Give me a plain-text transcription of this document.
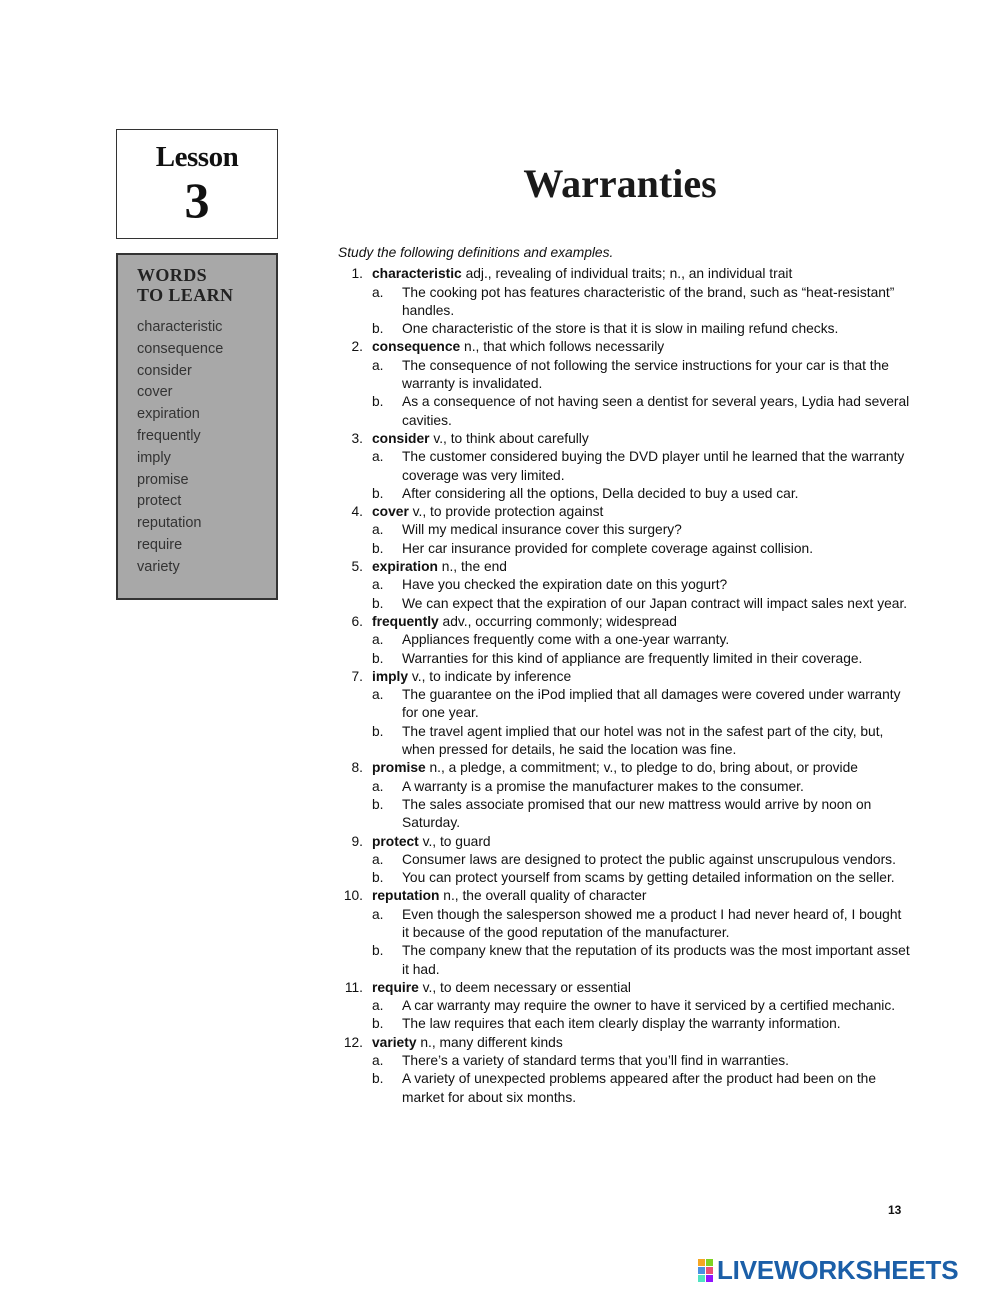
Lesson
3
WORDS
TO LEARN
characteristic
consequence
consider
cover
expiration
frequently
imply
promise
protect
reputation
require
variety
Warranties
Study the following definitions and examples.
1. characteristic adj., revealing of individual traits; n., an individual trait
a. The cooking pot has features characteristic of the brand, such as “heat-resistant” handles.
b. One characteristic of the store is that it is slow in mailing refund checks.
2. consequence n., that which follows necessarily
a. The consequence of not following the service instructions for your car is that the warranty is invalidated.
b. As a consequence of not having seen a dentist for several years, Lydia had several cavities.
3. consider v., to think about carefully
a. The customer considered buying the DVD player until he learned that the warranty coverage was very limited.
b. After considering all the options, Della decided to buy a used car.
4. cover v., to provide protection against
a. Will my medical insurance cover this surgery?
b. Her car insurance provided for complete coverage against collision.
5. expiration n., the end
a. Have you checked the expiration date on this yogurt?
b. We can expect that the expiration of our Japan contract will impact sales next year.
6. frequently adv., occurring commonly; widespread
a. Appliances frequently come with a one-year warranty.
b. Warranties for this kind of appliance are frequently limited in their coverage.
7. imply v., to indicate by inference
a. The guarantee on the iPod implied that all damages were covered under warranty for one year.
b. The travel agent implied that our hotel was not in the safest part of the city, but, when pressed for details, he said the location was fine.
8. promise n., a pledge, a commitment; v., to pledge to do, bring about, or provide
a. A warranty is a promise the manufacturer makes to the consumer.
b. The sales associate promised that our new mattress would arrive by noon on Saturday.
9. protect v., to guard
a. Consumer laws are designed to protect the public against unscrupulous vendors.
b. You can protect yourself from scams by getting detailed information on the seller.
10. reputation n., the overall quality of character
a. Even though the salesperson showed me a product I had never heard of, I bought it because of the good reputation of the manufacturer.
b. The company knew that the reputation of its products was the most important asset it had.
11. require v., to deem necessary or essential
a. A car warranty may require the owner to have it serviced by a certified mechanic.
b. The law requires that each item clearly display the warranty information.
12. variety n., many different kinds
a. There’s a variety of standard terms that you’ll find in warranties.
b. A variety of unexpected problems appeared after the product had been on the market for about six months.
13
LIVEWORKSHEETS
